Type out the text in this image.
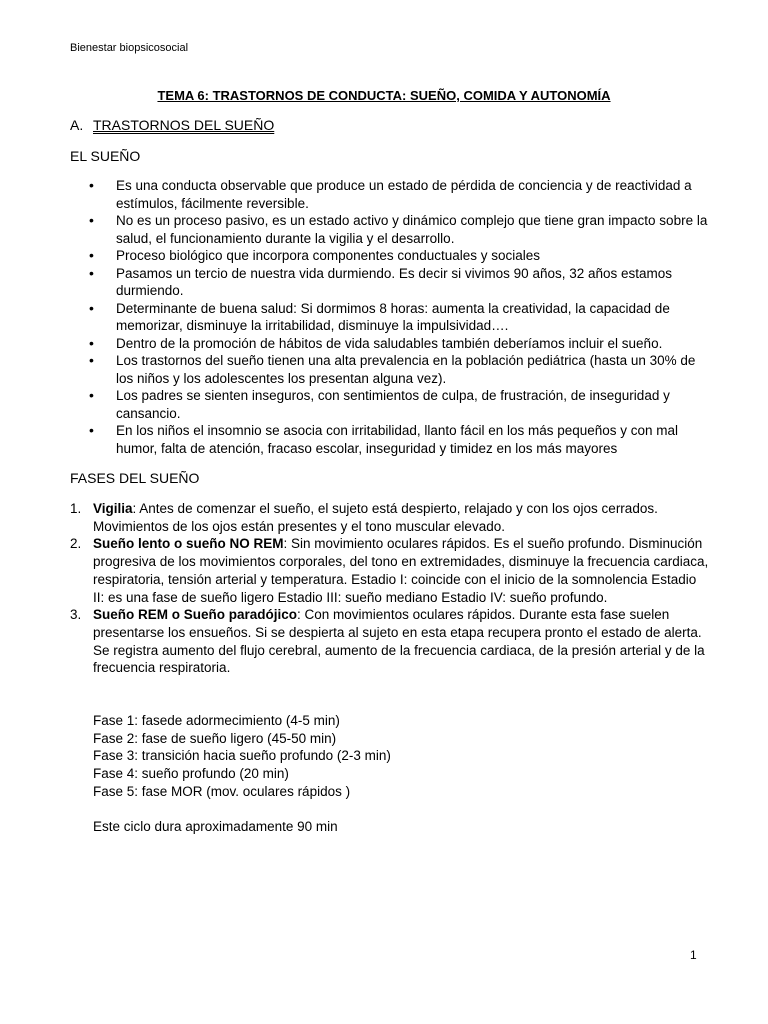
Bienestar biopsicosocial
TEMA 6: TRASTORNOS DE CONDUCTA: SUEÑO, COMIDA Y AUTONOMÍA
A. TRASTORNOS DEL SUEÑO
EL SUEÑO
• Es una conducta observable que produce un estado de pérdida de conciencia y de reactividad a estímulos, fácilmente reversible.
• No es un proceso pasivo, es un estado activo y dinámico complejo que tiene gran impacto sobre la salud, el funcionamiento durante la vigilia y el desarrollo.
• Proceso biológico que incorpora componentes conductuales y sociales
• Pasamos un tercio de nuestra vida durmiendo. Es decir si vivimos 90 años, 32 años estamos durmiendo.
• Determinante de buena salud: Si dormimos 8 horas: aumenta la creatividad, la capacidad de memorizar, disminuye la irritabilidad, disminuye la impulsividad….
• Dentro de la promoción de hábitos de vida saludables también deberíamos incluir el sueño.
• Los trastornos del sueño tienen una alta prevalencia en la población pediátrica (hasta un 30% de los niños y los adolescentes los presentan alguna vez).
• Los padres se sienten inseguros, con sentimientos de culpa, de frustración, de inseguridad y cansancio.
• En los niños el insomnio se asocia con irritabilidad, llanto fácil en los más pequeños y con mal humor, falta de atención, fracaso escolar, inseguridad y timidez en los más mayores
FASES DEL SUEÑO
1. Vigilia: Antes de comenzar el sueño, el sujeto está despierto, relajado y con los ojos cerrados. Movimientos de los ojos están presentes y el tono muscular elevado.
2. Sueño lento o sueño NO REM: Sin movimiento oculares rápidos. Es el sueño profundo. Disminución progresiva de los movimientos corporales, del tono en extremidades, disminuye la frecuencia cardiaca, respiratoria, tensión arterial y temperatura. Estadio I: coincide con el inicio de la somnolencia Estadio II: es una fase de sueño ligero Estadio III: sueño mediano Estadio IV: sueño profundo.
3. Sueño REM o Sueño paradójico: Con movimientos oculares rápidos. Durante esta fase suelen presentarse los ensueños. Si se despierta al sujeto en esta etapa recupera pronto el estado de alerta. Se registra aumento del flujo cerebral, aumento de la frecuencia cardiaca, de la presión arterial y de la frecuencia respiratoria.
Fase 1: fasede adormecimiento (4-5 min)
Fase 2: fase de sueño ligero (45-50 min)
Fase 3: transición hacia sueño profundo (2-3 min)
Fase 4: sueño profundo (20 min)
Fase 5: fase MOR (mov. oculares rápidos )
Este ciclo dura aproximadamente 90 min
1
